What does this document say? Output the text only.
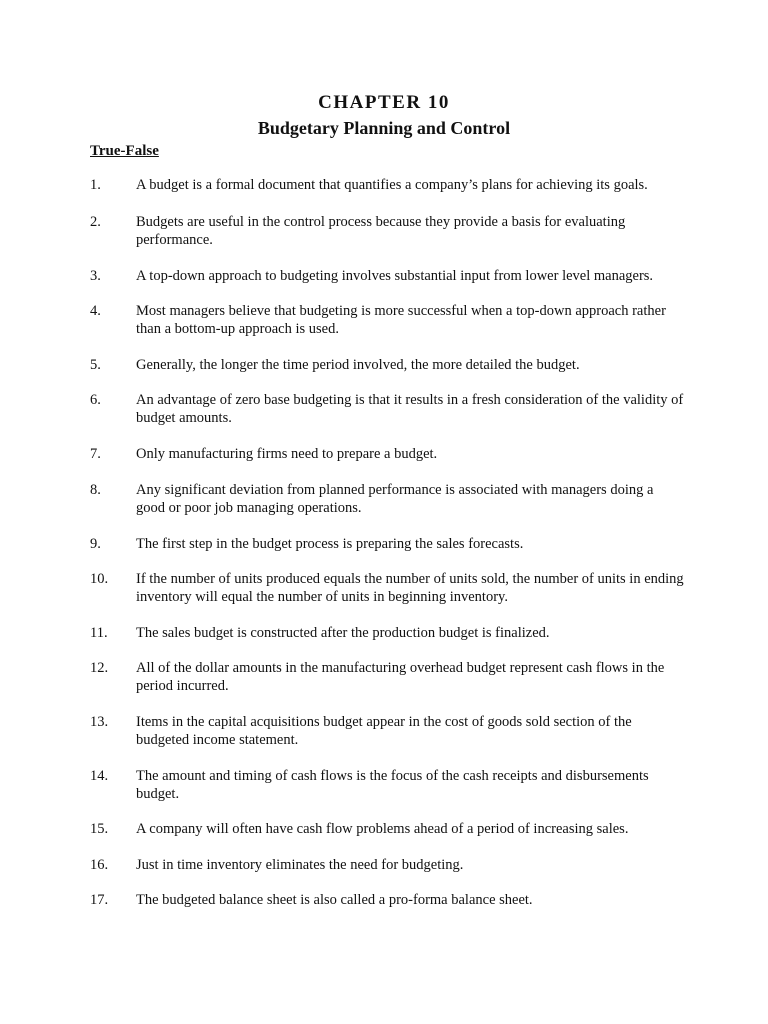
CHAPTER 10
Budgetary Planning and Control
True-False
1. A budget is a formal document that quantifies a company’s plans for achieving its goals.
2. Budgets are useful in the control process because they provide a basis for evaluating performance.
3. A top-down approach to budgeting involves substantial input from lower level managers.
4. Most managers believe that budgeting is more successful when a top-down approach rather than a bottom-up approach is used.
5. Generally, the longer the time period involved, the more detailed the budget.
6. An advantage of zero base budgeting is that it results in a fresh consideration of the validity of budget amounts.
7. Only manufacturing firms need to prepare a budget.
8. Any significant deviation from planned performance is associated with managers doing a good or poor job managing operations.
9. The first step in the budget process is preparing the sales forecasts.
10. If the number of units produced equals the number of units sold, the number of units in ending inventory will equal the number of units in beginning inventory.
11. The sales budget is constructed after the production budget is finalized.
12. All of the dollar amounts in the manufacturing overhead budget represent cash flows in the period incurred.
13. Items in the capital acquisitions budget appear in the cost of goods sold section of the budgeted income statement.
14. The amount and timing of cash flows is the focus of the cash receipts and disbursements budget.
15. A company will often have cash flow problems ahead of a period of increasing sales.
16. Just in time inventory eliminates the need for budgeting.
17. The budgeted balance sheet is also called a pro-forma balance sheet.
